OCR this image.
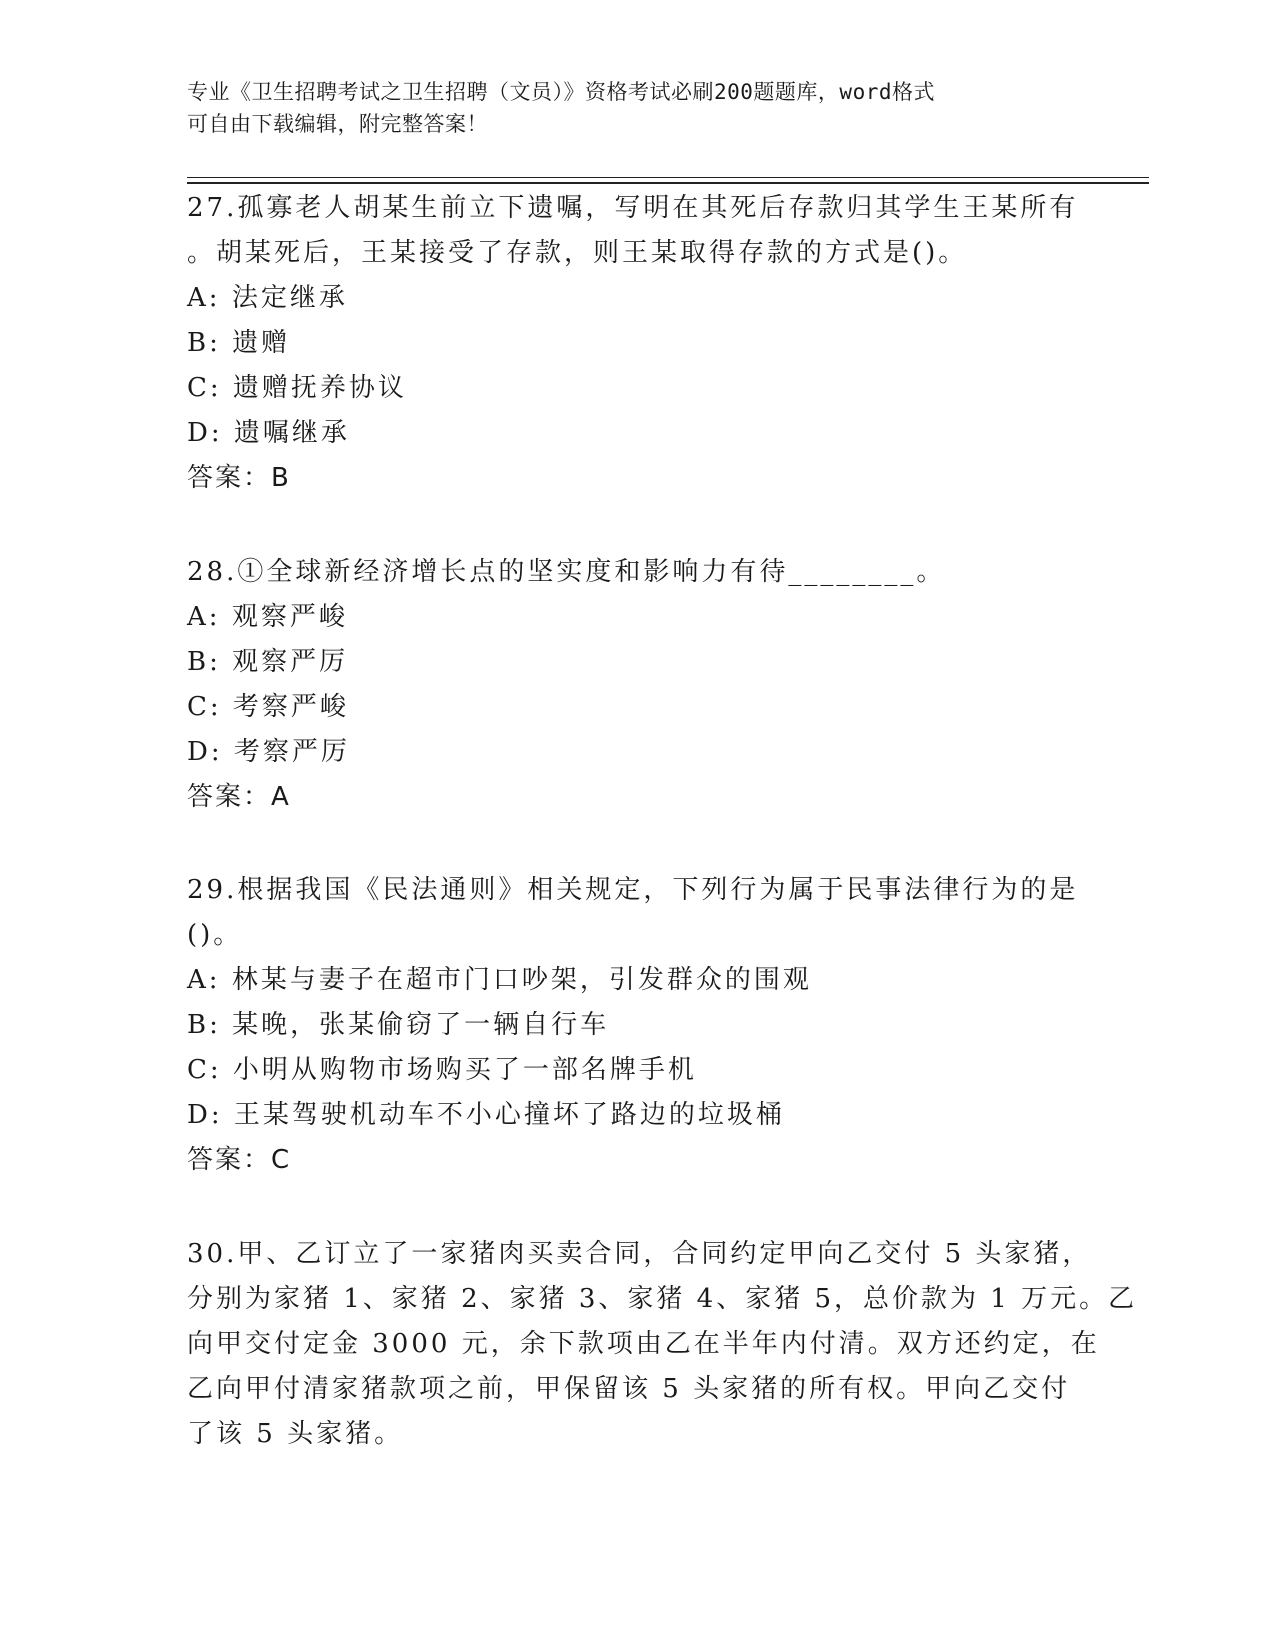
专业《卫生招聘考试之卫生招聘（文员）》资格考试必刷200题题库，word格式

可自由下载编辑，附完整答案！

27.孤寡老人胡某生前立下遗嘱，写明在其死后存款归其学生王某所有
。胡某死后，王某接受了存款，则王某取得存款的方式是()。
A: 法定继承
B: 遗赠
C: 遗赠抚养协议
D: 遗嘱继承
答案：B
28.①全球新经济增长点的坚实度和影响力有待________。
A: 观察严峻
B: 观察严厉
C: 考察严峻
D: 考察严厉
答案：A
29.根据我国《民法通则》相关规定，下列行为属于民事法律行为的是
()。
A: 林某与妻子在超市门口吵架，引发群众的围观
B: 某晚，张某偷窃了一辆自行车
C: 小明从购物市场购买了一部名牌手机
D: 王某驾驶机动车不小心撞坏了路边的垃圾桶
答案：C
30.甲、乙订立了一家猪肉买卖合同，合同约定甲向乙交付 5 头家猪，
分别为家猪 1、家猪 2、家猪 3、家猪 4、家猪 5，总价款为 1 万元。乙
向甲交付定金 3000 元，余下款项由乙在半年内付清。双方还约定，在
乙向甲付清家猪款项之前，甲保留该 5 头家猪的所有权。甲向乙交付
了该 5 头家猪。
